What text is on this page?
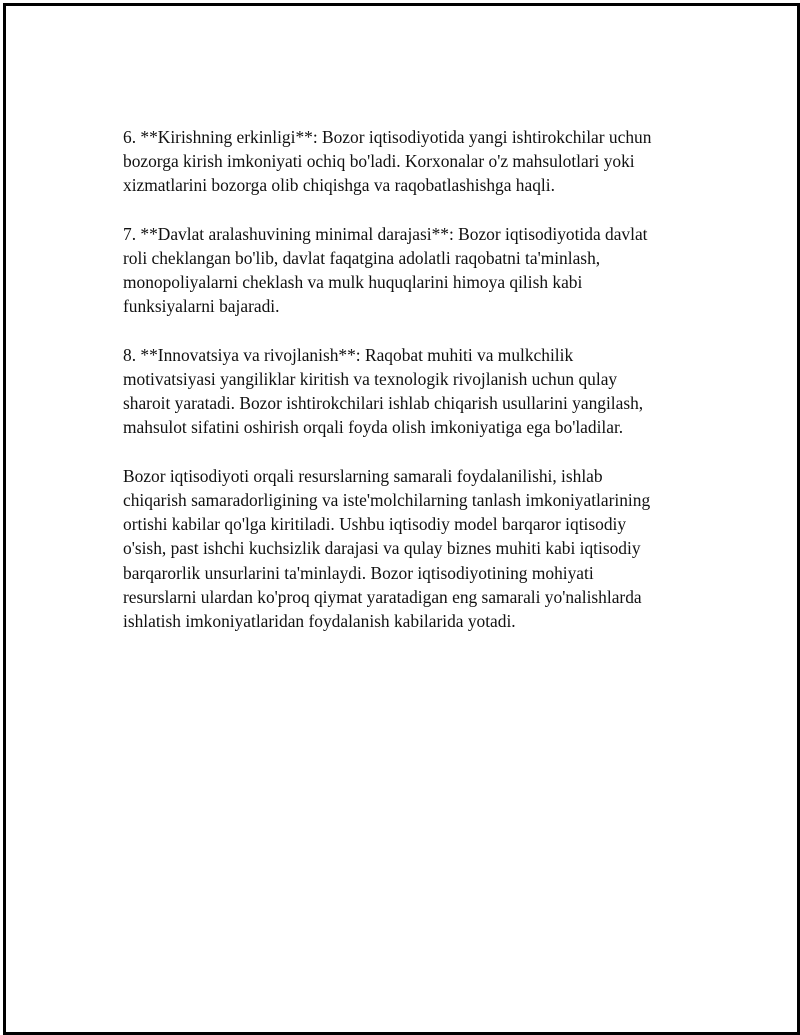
6. **Kirishning erkinligi**: Bozor iqtisodiyotida yangi ishtirokchilar uchun
bozorga kirish imkoniyati ochiq bo'ladi. Korxonalar o'z mahsulotlari yoki
xizmatlarini bozorga olib chiqishga va raqobatlashishga haqli.

7. **Davlat aralashuvining minimal darajasi**: Bozor iqtisodiyotida davlat
roli cheklangan bo'lib, davlat faqatgina adolatli raqobatni ta'minlash,
monopoliyalarni cheklash va mulk huquqlarini himoya qilish kabi
funksiyalarni bajaradi.

8. **Innovatsiya va rivojlanish**: Raqobat muhiti va mulkchilik
motivatsiyasi yangiliklar kiritish va texnologik rivojlanish uchun qulay
sharoit yaratadi. Bozor ishtirokchilari ishlab chiqarish usullarini yangilash,
mahsulot sifatini oshirish orqali foyda olish imkoniyatiga ega bo'ladilar.

Bozor iqtisodiyoti orqali resurslarning samarali foydalanilishi, ishlab
chiqarish samaradorligining va iste'molchilarning tanlash imkoniyatlarining
ortishi kabilar qo'lga kiritiladi. Ushbu iqtisodiy model barqaror iqtisodiy
o'sish, past ishchi kuchsizlik darajasi va qulay biznes muhiti kabi iqtisodiy
barqarorlik unsurlarini ta'minlaydi. Bozor iqtisodiyotining mohiyati
resurslarni ulardan ko'proq qiymat yaratadigan eng samarali yo'nalishlarda
ishlatish imkoniyatlaridan foydalanish kabilarida yotadi.
